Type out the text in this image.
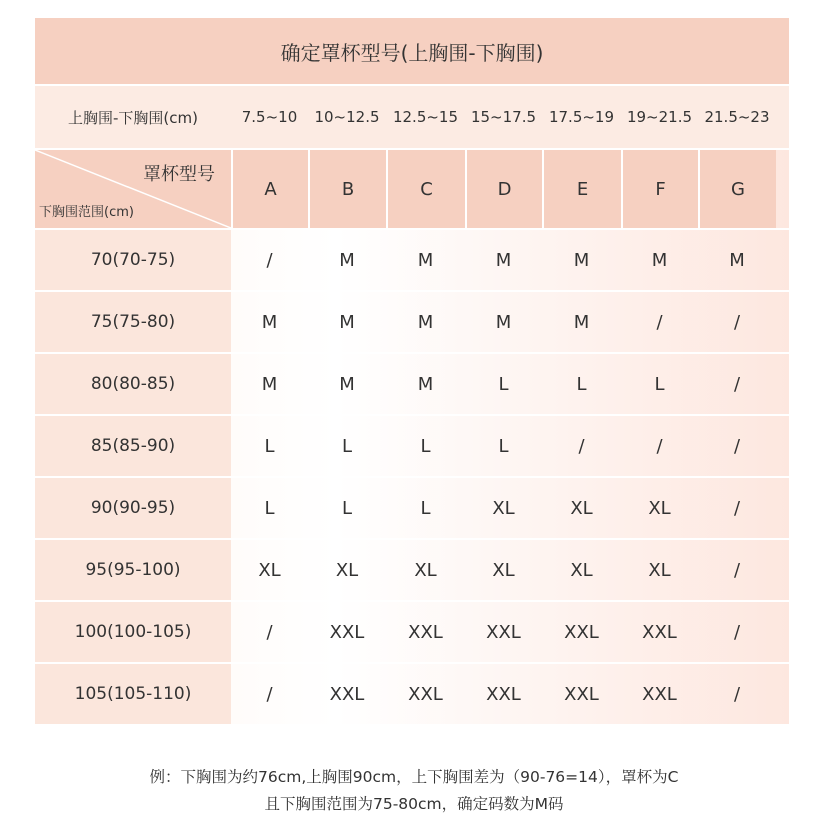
确定罩杯型号(上胸围-下胸围)
上胸围-下胸围(cm)	7.5~10	10~12.5 12.5~15 15~17.5 17.5~19 19~21.5 21.5~23
罩杯型号
下胸围范围(cm)
A	B	C	D	E	F	G
70(70-75)	/	M	M	M	M	M	M
75(75-80)	M	M	M	M	M	/	/
80(80-85)	M	M	M	L	L	L	/
85(85-90)	L	L	L	L	/	/	/
90(90-95)	L	L	L	XL	XL	XL	/
95(95-100)	XL	XL	XL	XL	XL	XL	/
100(100-105)	/	XXL	XXL	XXL	XXL	XXL	/
105(105-110)	/	XXL	XXL	XXL	XXL	XXL	/
例：下胸围为约76cm,上胸围90cm，上下胸围差为（90-76=14），罩杯为C
且下胸围范围为75-80cm，确定码数为M码
